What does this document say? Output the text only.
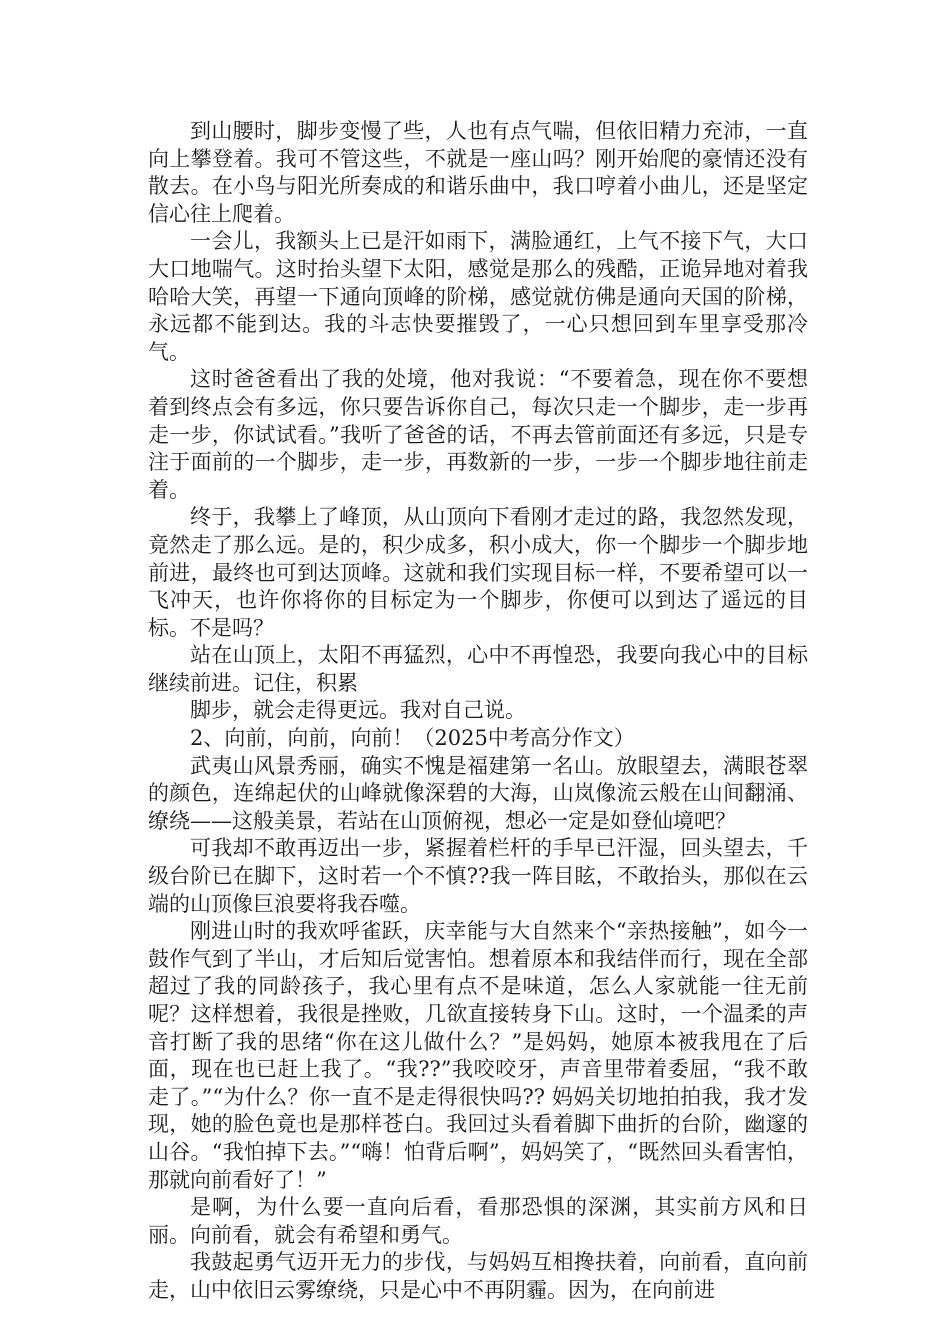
到山腰时，脚步变慢了些，人也有点气喘，但依旧精力充沛，一直向上攀登着。我可不管这些，不就是一座山吗？刚开始爬的豪情还没有散去。在小鸟与阳光所奏成的和谐乐曲中，我口哼着小曲儿，还是坚定信心往上爬着。

一会儿，我额头上已是汗如雨下，满脸通红，上气不接下气，大口大口地喘气。这时抬头望下太阳，感觉是那么的残酷，正诡异地对着我哈哈大笑，再望一下通向顶峰的阶梯，感觉就仿佛是通向天国的阶梯，永远都不能到达。我的斗志快要摧毁了，一心只想回到车里享受那冷气。

这时爸爸看出了我的处境，他对我说：“不要着急，现在你不要想着到终点会有多远，你只要告诉你自己，每次只走一个脚步，走一步再走一步，你试试看。”我听了爸爸的话，不再去管前面还有多远，只是专注于面前的一个脚步，走一步，再数新的一步，一步一个脚步地往前走着。

终于，我攀上了峰顶，从山顶向下看刚才走过的路，我忽然发现，竟然走了那么远。是的，积少成多，积小成大，你一个脚步一个脚步地前进，最终也可到达顶峰。这就和我们实现目标一样，不要希望可以一飞冲天，也许你将你的目标定为一个脚步，你便可以到达了遥远的目标。不是吗？

站在山顶上，太阳不再猛烈，心中不再惶恐，我要向我心中的目标继续前进。记住，积累

脚步，就会走得更远。我对自己说。

2、向前，向前，向前！（2025中考高分作文）

武夷山风景秀丽，确实不愧是福建第一名山。放眼望去，满眼苍翠的颜色，连绵起伏的山峰就像深碧的大海，山岚像流云般在山间翻涌、缭绕——这般美景，若站在山顶俯视，想必一定是如登仙境吧？

可我却不敢再迈出一步，紧握着栏杆的手早已汗湿，回头望去，千级台阶已在脚下，这时若一个不慎??我一阵目眩，不敢抬头，那似在云端的山顶像巨浪要将我吞噬。

刚进山时的我欢呼雀跃，庆幸能与大自然来个“亲热接触”，如今一鼓作气到了半山，才后知后觉害怕。想着原本和我结伴而行，现在全部超过了我的同龄孩子，我心里有点不是味道，怎么人家就能一往无前呢？这样想着，我很是挫败，几欲直接转身下山。这时，一个温柔的声音打断了我的思绪“你在这儿做什么？”是妈妈，她原本被我甩在了后面，现在也已赶上我了。“我??”我咬咬牙，声音里带着委屈，“我不敢走了。”“为什么？你一直不是走得很快吗?? 妈妈关切地拍拍我，我才发现，她的脸色竟也是那样苍白。我回过头看着脚下曲折的台阶，幽邃的山谷。“我怕掉下去。”“嗨！怕背后啊”，妈妈笑了，“既然回头看害怕，那就向前看好了！”

是啊，为什么要一直向后看，看那恐惧的深渊，其实前方风和日丽。向前看，就会有希望和勇气。

我鼓起勇气迈开无力的步伐，与妈妈互相搀扶着，向前看，直向前走，山中依旧云雾缭绕，只是心中不再阴霾。因为，在向前进
